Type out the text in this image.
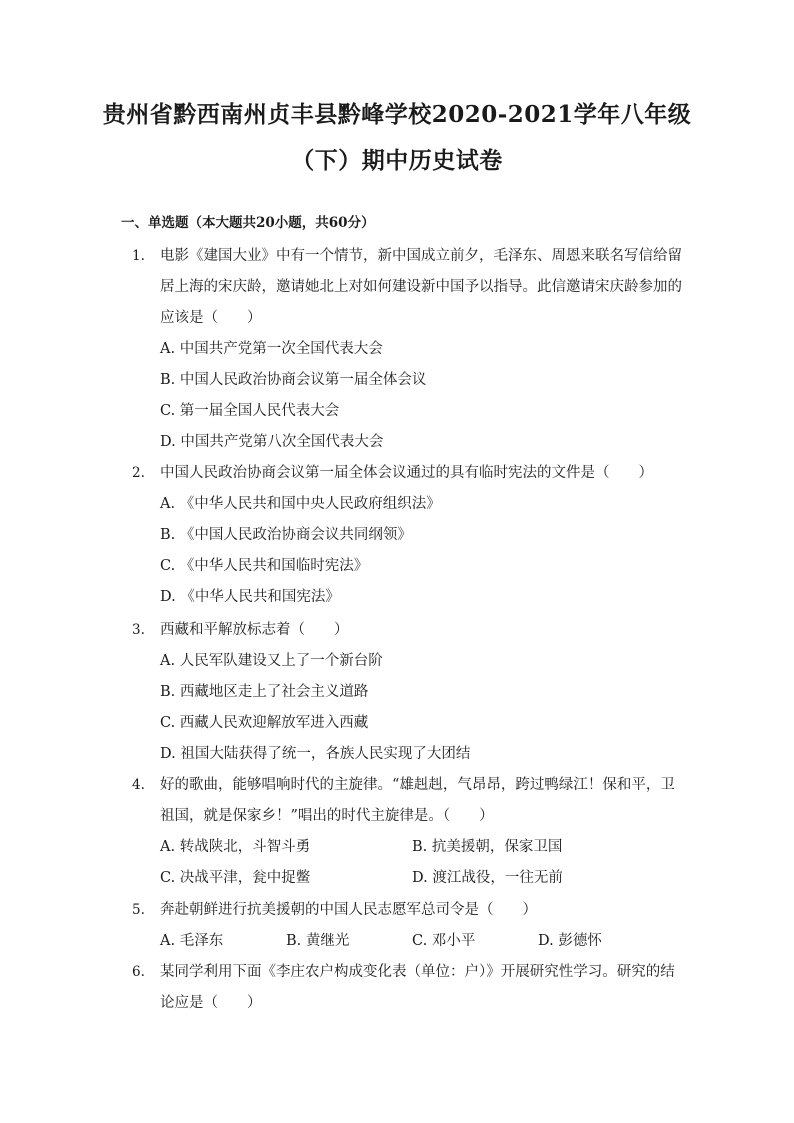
贵州省黔西南州贞丰县黔峰学校2020-2021学年八年级
（下）期中历史试卷
一、单选题（本大题共20小题，共60分）
1. 电影《建国大业》中有一个情节，新中国成立前夕，毛泽东、周恩来联名写信给留
居上海的宋庆龄，邀请她北上对如何建设新中国予以指导。此信邀请宋庆龄参加的
应该是（　　）
A. 中国共产党第一次全国代表大会
B. 中国人民政治协商会议第一届全体会议
C. 第一届全国人民代表大会
D. 中国共产党第八次全国代表大会
2. 中国人民政治协商会议第一届全体会议通过的具有临时宪法的文件是（　　）
A. 《中华人民共和国中央人民政府组织法》
B. 《中国人民政治协商会议共同纲领》
C. 《中华人民共和国临时宪法》
D. 《中华人民共和国宪法》
3. 西藏和平解放标志着（　　）
A. 人民军队建设又上了一个新台阶
B. 西藏地区走上了社会主义道路
C. 西藏人民欢迎解放军进入西藏
D. 祖国大陆获得了统一，各族人民实现了大团结
4. 好的歌曲，能够唱响时代的主旋律。“雄赳赳，气昂昂，跨过鸭绿江！保和平，卫
祖国，就是保家乡！”唱出的时代主旋律是。（　　）
A. 转战陕北，斗智斗勇	B. 抗美援朝，保家卫国
C. 决战平津，瓮中捉鳖	D. 渡江战役，一往无前
5. 奔赴朝鲜进行抗美援朝的中国人民志愿军总司令是（　　）
A. 毛泽东	B. 黄继光	C. 邓小平	D. 彭德怀
6. 某同学利用下面《李庄农户构成变化表（单位：户）》开展研究性学习。研究的结
论应是（　　）
